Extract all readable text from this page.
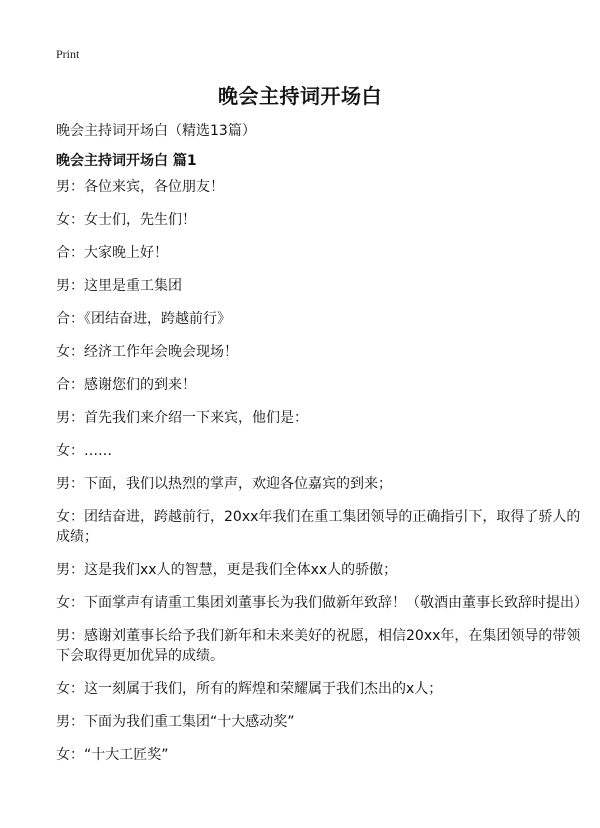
Print
晚会主持词开场白
晚会主持词开场白（精选13篇）
晚会主持词开场白 篇1

男：各位来宾，各位朋友！

女：女士们，先生们！

合：大家晚上好！

男：这里是重工集团

合：《团结奋进，跨越前行》

女：经济工作年会晚会现场！

合：感谢您们的到来！

男：首先我们来介绍一下来宾，他们是：

女：……

男：下面，我们以热烈的掌声，欢迎各位嘉宾的到来；

女：团结奋进，跨越前行，20xx年我们在重工集团领导的正确指引下，取得了骄人的成绩；

男：这是我们xx人的智慧，更是我们全体xx人的骄傲；

女：下面掌声有请重工集团刘董事长为我们做新年致辞！（敬酒由董事长致辞时提出）

男：感谢刘董事长给予我们新年和未来美好的祝愿，相信20xx年，在集团领导的带领下会取得更加优异的成绩。

女：这一刻属于我们，所有的辉煌和荣耀属于我们杰出的x人；

男：下面为我们重工集团“十大感动奖”

女：“十大工匠奖”
